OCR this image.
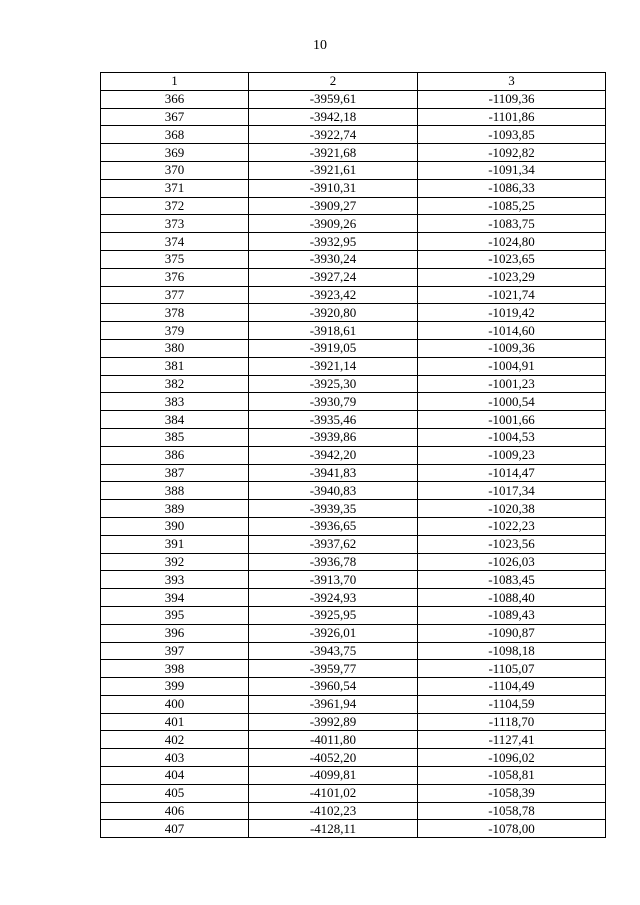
10
1	2	3
366	-3959,61	-1109,36
367	-3942,18	-1101,86
368	-3922,74	-1093,85
369	-3921,68	-1092,82
370	-3921,61	-1091,34
371	-3910,31	-1086,33
372	-3909,27	-1085,25
373	-3909,26	-1083,75
374	-3932,95	-1024,80
375	-3930,24	-1023,65
376	-3927,24	-1023,29
377	-3923,42	-1021,74
378	-3920,80	-1019,42
379	-3918,61	-1014,60
380	-3919,05	-1009,36
381	-3921,14	-1004,91
382	-3925,30	-1001,23
383	-3930,79	-1000,54
384	-3935,46	-1001,66
385	-3939,86	-1004,53
386	-3942,20	-1009,23
387	-3941,83	-1014,47
388	-3940,83	-1017,34
389	-3939,35	-1020,38
390	-3936,65	-1022,23
391	-3937,62	-1023,56
392	-3936,78	-1026,03
393	-3913,70	-1083,45
394	-3924,93	-1088,40
395	-3925,95	-1089,43
396	-3926,01	-1090,87
397	-3943,75	-1098,18
398	-3959,77	-1105,07
399	-3960,54	-1104,49
400	-3961,94	-1104,59
401	-3992,89	-1118,70
402	-4011,80	-1127,41
403	-4052,20	-1096,02
404	-4099,81	-1058,81
405	-4101,02	-1058,39
406	-4102,23	-1058,78
407	-4128,11	-1078,00
